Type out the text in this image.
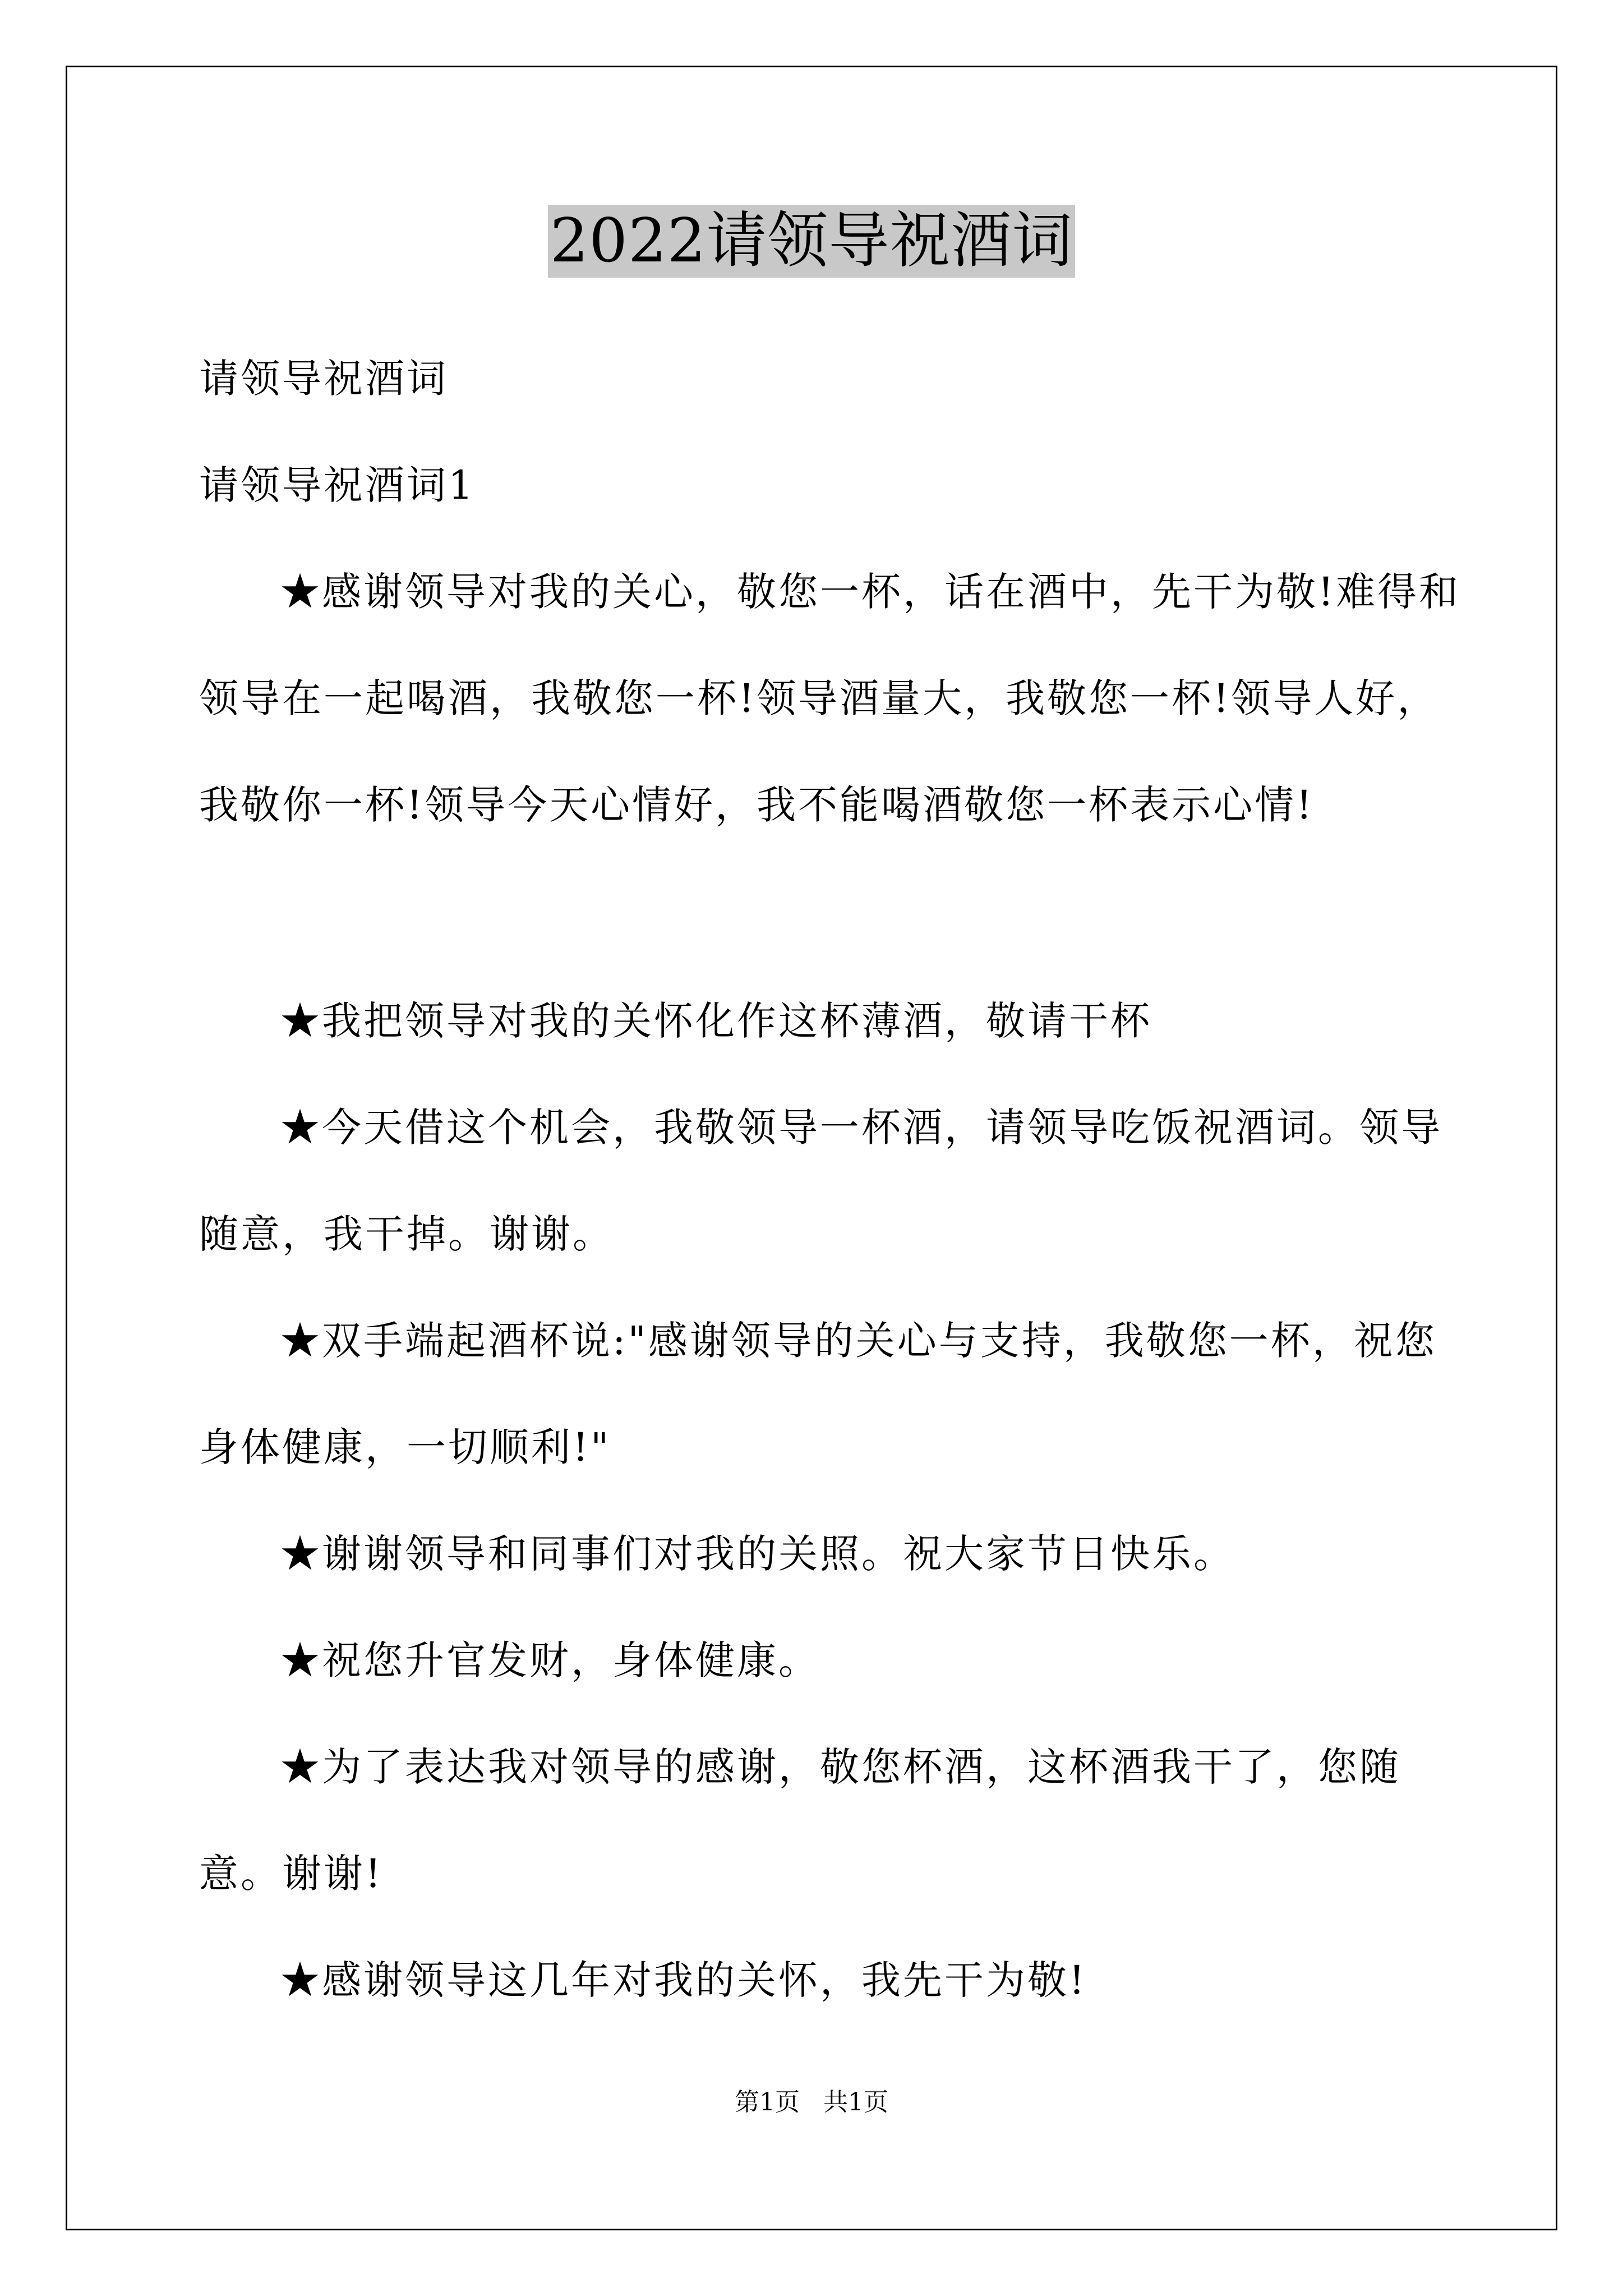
2022请领导祝酒词

请领导祝酒词

请领导祝酒词1

★感谢领导对我的关心，敬您一杯，话在酒中，先干为敬!难得和领导在一起喝酒，我敬您一杯!领导酒量大，我敬您一杯!领导人好，我敬你一杯!领导今天心情好，我不能喝酒敬您一杯表示心情!

★我把领导对我的关怀化作这杯薄酒，敬请干杯

★今天借这个机会，我敬领导一杯酒，请领导吃饭祝酒词。领导随意，我干掉。谢谢。

★双手端起酒杯说:"感谢领导的关心与支持，我敬您一杯，祝您身体健康，一切顺利!"

★谢谢领导和同事们对我的关照。祝大家节日快乐。

★祝您升官发财，身体健康。

★为了表达我对领导的感谢，敬您杯酒，这杯酒我干了，您随意。谢谢!

★感谢领导这几年对我的关怀，我先干为敬!

第1页 共1页
